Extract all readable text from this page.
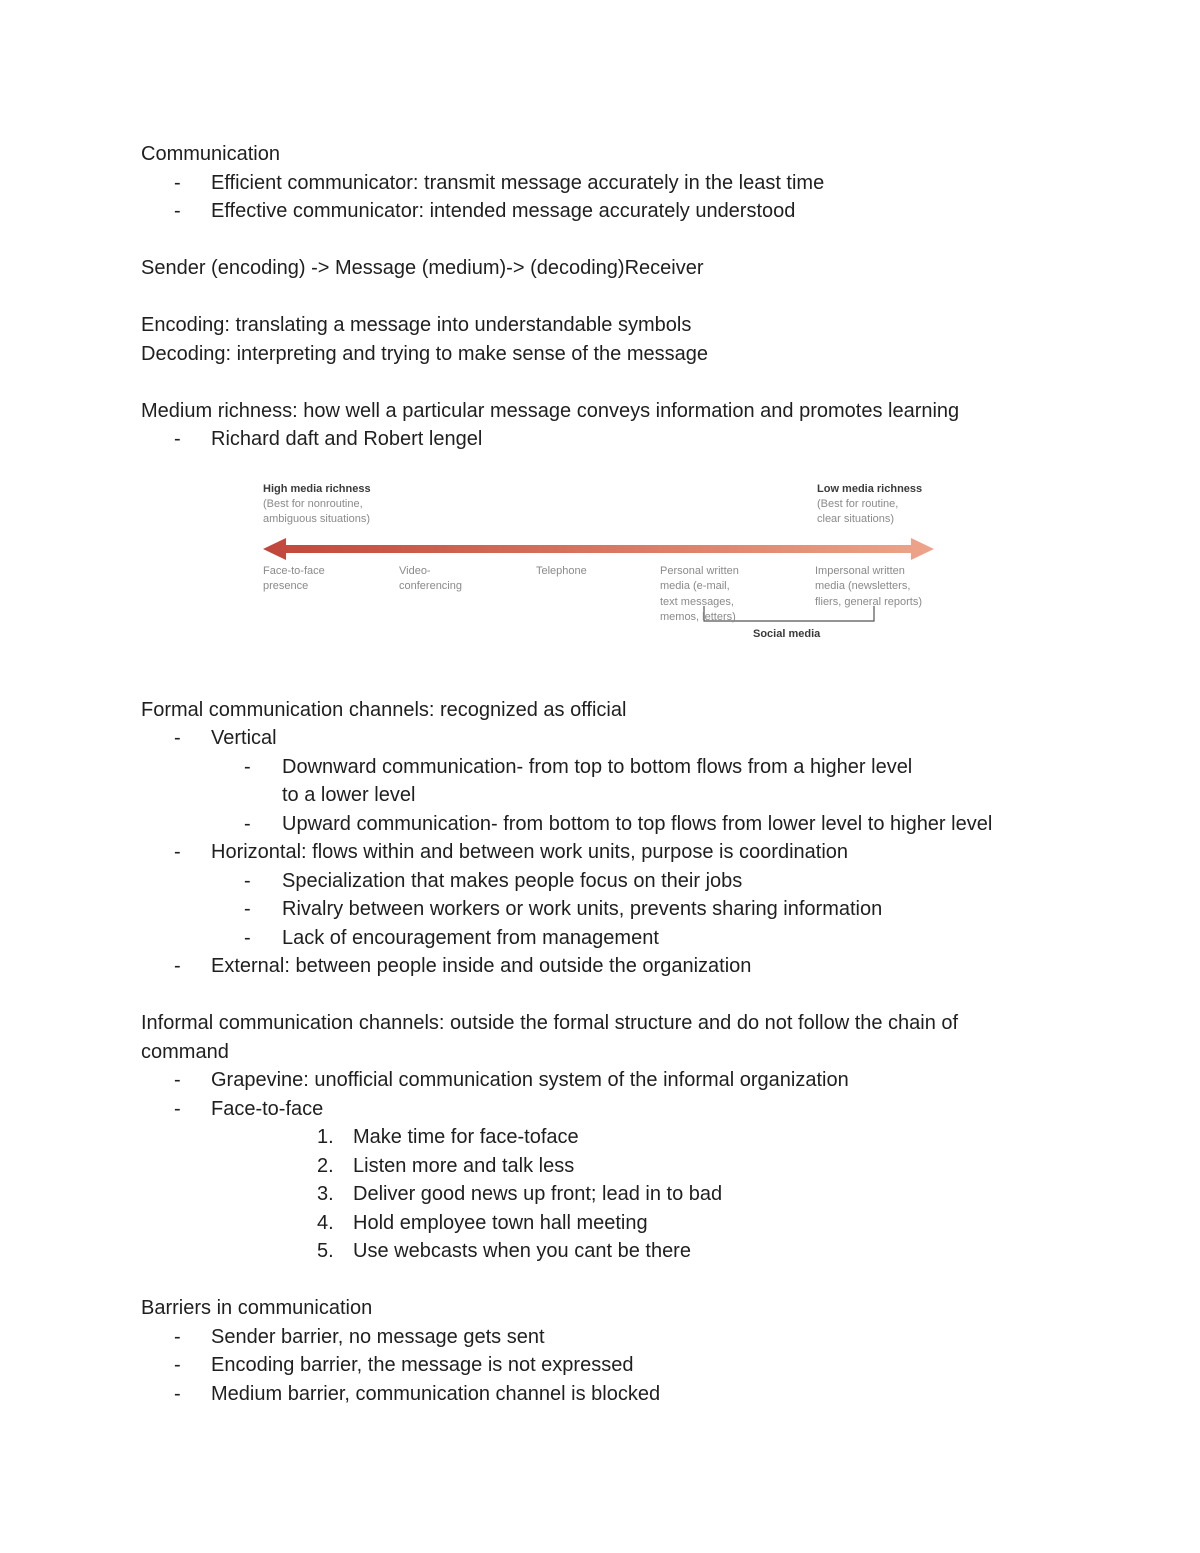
Communication
- Efficient communicator: transmit message accurately in the least time
- Effective communicator: intended message accurately understood
Sender (encoding) -> Message (medium)-> (decoding)Receiver
Encoding: translating a message into understandable symbols
Decoding: interpreting and trying to make sense of the message
Medium richness: how well a particular message conveys information and promotes learning
- Richard daft and Robert lengel
High media richness
(Best for nonroutine,
ambiguous situations)
Low media richness
(Best for routine,
clear situations)
Face-to-face
presence
Video-
conferencing
Telephone	Personal written
media (e-mail,
text messages,
memos, letters)
Impersonal written
media (newsletters,
fliers, general reports)
Social media
Formal communication channels: recognized as official
- Vertical
- Downward communication- from top to bottom flows from a higher level to a lower level
- Upward communication- from bottom to top flows from lower level to higher level
- Horizontal: flows within and between work units, purpose is coordination
- Specialization that makes people focus on their jobs
- Rivalry between workers or work units, prevents sharing information
- Lack of encouragement from management
- External: between people inside and outside the organization
Informal communication channels: outside the formal structure and do not follow the chain of command
- Grapevine: unofficial communication system of the informal organization
- Face-to-face
1. Make time for face-toface
2. Listen more and talk less
3. Deliver good news up front; lead in to bad
4. Hold employee town hall meeting
5. Use webcasts when you cant be there
Barriers in communication
- Sender barrier, no message gets sent
- Encoding barrier, the message is not expressed
- Medium barrier, communication channel is blocked
